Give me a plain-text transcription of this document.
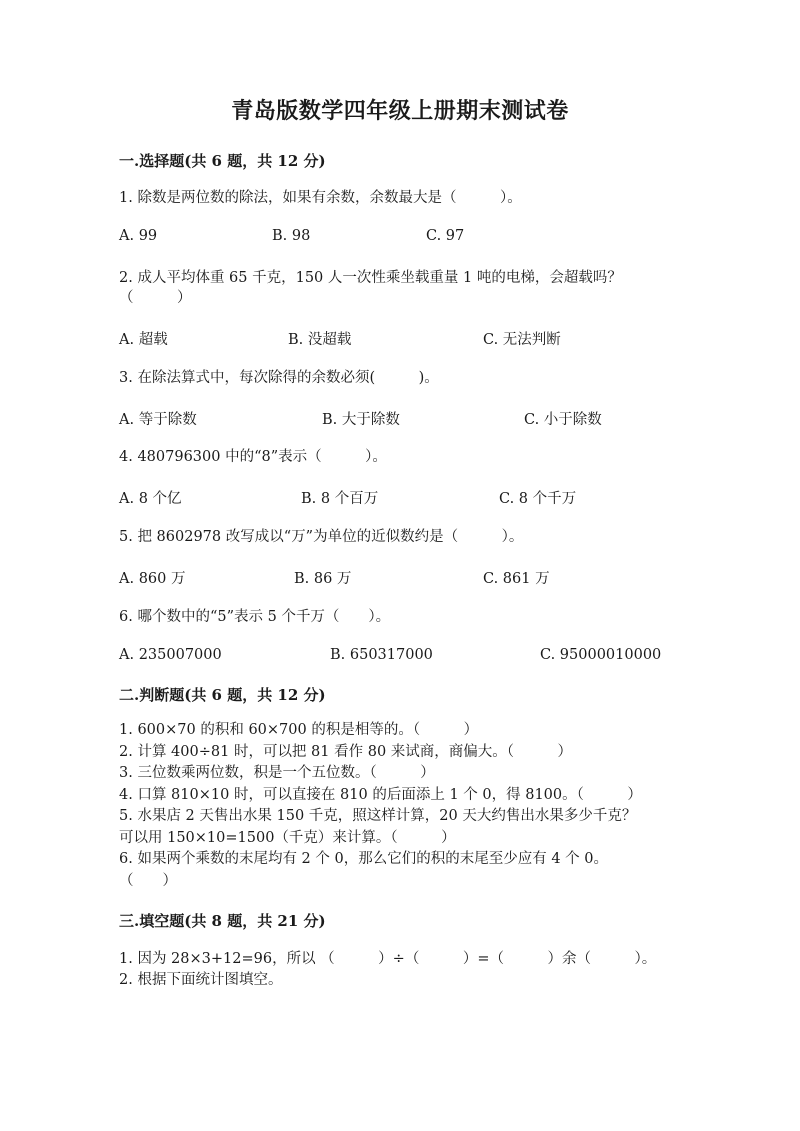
青岛版数学四年级上册期末测试卷
一.选择题(共 6 题，共 12 分)
1. 除数是两位数的除法，如果有余数，余数最大是（　　　）。
A. 99	B. 98	C. 97
2. 成人平均体重 65 千克，150 人一次性乘坐载重量 1 吨的电梯，会超载吗？
（　　　）
A. 超载	B. 没超载	C. 无法判断
3. 在除法算式中，每次除得的余数必须(　　　)。
A. 等于除数	B. 大于除数	C. 小于除数
4. 480796300 中的“8”表示（　　　）。
A. 8 个亿	B. 8 个百万	C. 8 个千万
5. 把 8602978 改写成以“万”为单位的近似数约是（　　　）。
A. 860 万	B. 86 万	C. 861 万
6. 哪个数中的“5”表示 5 个千万（　　）。
A. 235007000	B. 650317000	C. 95000010000
二.判断题(共 6 题，共 12 分)
1. 600×70 的积和 60×700 的积是相等的。（　　　）
2. 计算 400÷81 时，可以把 81 看作 80 来试商，商偏大。（　　　）
3. 三位数乘两位数，积是一个五位数。（　　　）
4. 口算 810×10 时，可以直接在 810 的后面添上 1 个 0，得 8100。（　　　）
5. 水果店 2 天售出水果 150 千克，照这样计算，20 天大约售出水果多少千克？
可以用 150×10=1500（千克）来计算。（　　　）
6. 如果两个乘数的末尾均有 2 个 0，那么它们的积的末尾至少应有 4 个 0。
（　　）
三.填空题(共 8 题，共 21 分)
1. 因为 28×3+12=96，所以 （　　　）÷（　　　）=（　　　）余（　　　）。
2. 根据下面统计图填空。
